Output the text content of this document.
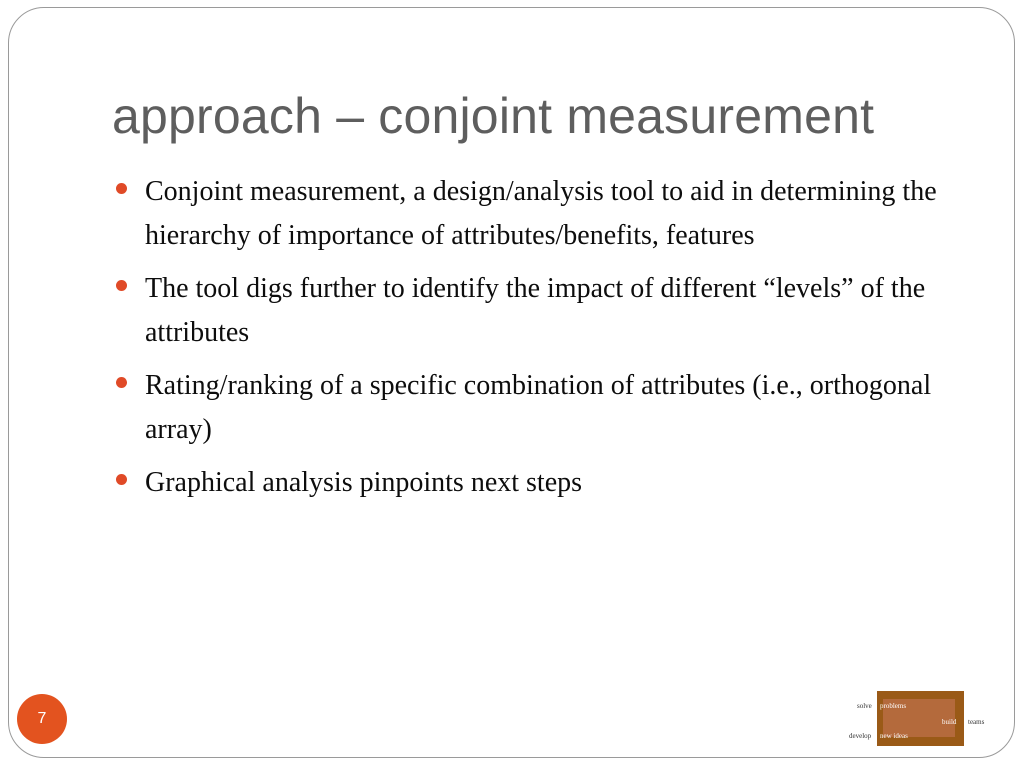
approach – conjoint measurement
Conjoint measurement, a design/analysis tool to aid in determining the hierarchy of importance of attributes/benefits, features
The tool digs further to identify the impact of different “levels” of the attributes
Rating/ranking of a specific combination of attributes (i.e., orthogonal array)
Graphical analysis pinpoints next steps
7
solve problems
build teams
develop new ideas
